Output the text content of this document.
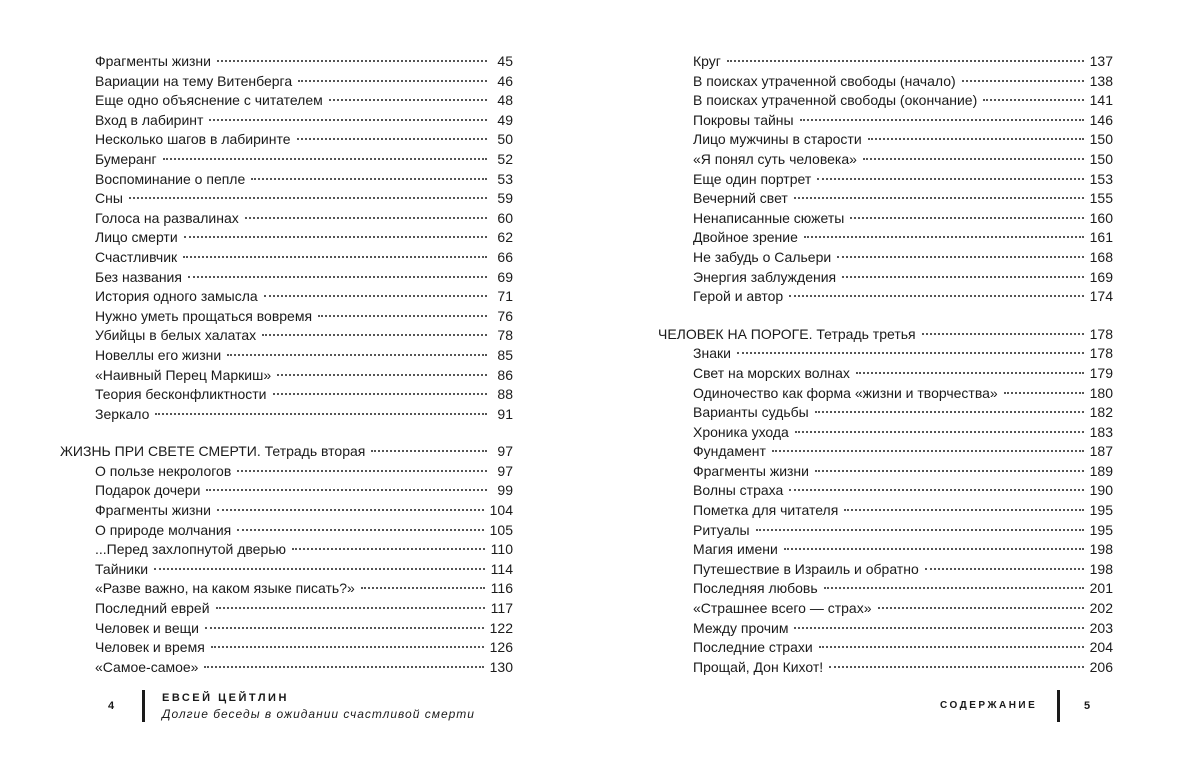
Фрагменты жизни	45
Вариации на тему Витенберга	46
Еще одно объяснение с читателем	48
Вход в лабиринт	49
Несколько шагов в лабиринте	50
Бумеранг	52
Воспоминание о пепле	53
Сны	59
Голоса на развалинах	60
Лицо смерти	62
Счастливчик	66
Без названия	69
История одного замысла	71
Нужно уметь прощаться вовремя	76
Убийцы в белых халатах	78
Новеллы его жизни	85
«Наивный Перец Маркиш»	86
Теория бесконфликтности	88
Зеркало	91
ЖИЗНЬ ПРИ СВЕТЕ СМЕРТИ. Тетрадь вторая	97
О пользе некрологов	97
Подарок дочери	99
Фрагменты жизни	104
О природе молчания	105
...Перед захлопнутой дверью	110
Тайники	114
«Разве важно, на каком языке писать?»	116
Последний еврей	117
Человек и вещи	122
Человек и время	126
«Самое-самое»	130
Круг	137
В поисках утраченной свободы (начало)	138
В поисках утраченной свободы (окончание)	141
Покровы тайны	146
Лицо мужчины в старости	150
«Я понял суть человека»	150
Еще один портрет	153
Вечерний свет	155
Ненаписанные сюжеты	160
Двойное зрение	161
Не забудь о Сальери	168
Энергия заблуждения	169
Герой и автор	174
ЧЕЛОВЕК НА ПОРОГЕ. Тетрадь третья	178
Знаки	178
Свет на морских волнах	179
Одиночество как форма «жизни и творчества»	180
Варианты судьбы	182
Хроника ухода	183
Фундамент	187
Фрагменты жизни	189
Волны страха	190
Пометка для читателя	195
Ритуалы	195
Магия имени	198
Путешествие в Израиль и обратно	198
Последняя любовь	201
«Страшнее всего — страх»	202
Между прочим	203
Последние страхи	204
Прощай, Дон Кихот!	206
4
ЕВСЕЙ ЦЕЙТЛИН
Долгие беседы в ожидании счастливой смерти
СОДЕРЖАНИЕ	5
